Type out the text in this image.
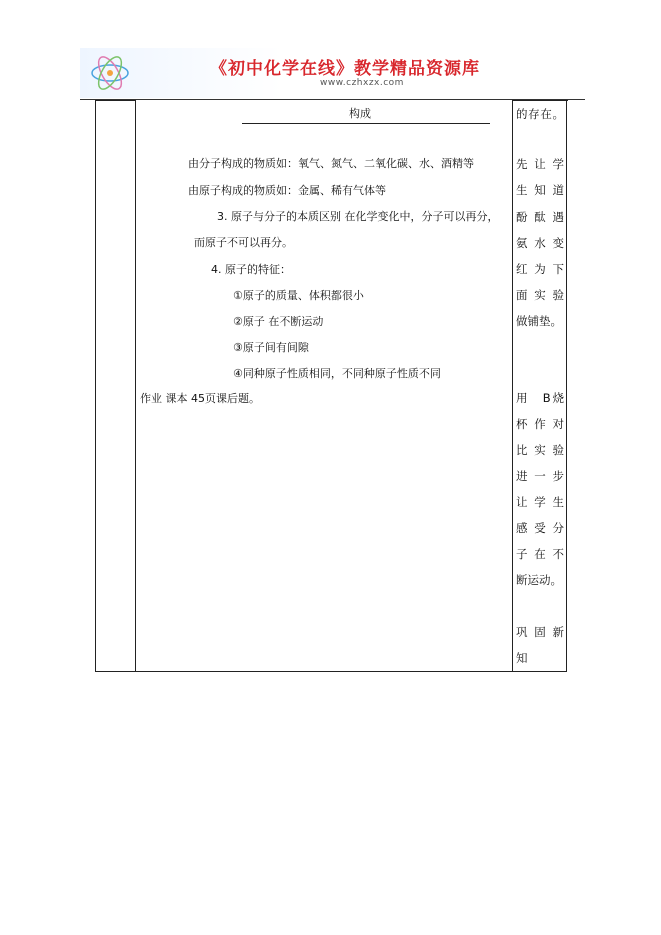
《初中化学在线》教学精品资源库
www.czhxzx.com
构成
由分子构成的物质如：氧气、氮气、二氧化碳、水、酒精等
由原子构成的物质如：金属、稀有气体等
3. 原子与分子的本质区别 在化学变化中，分子可以再分，
而原子不可以再分。
4. 原子的特征：
①原子的质量、体积都很小
②原子 在不断运动
③原子间有间隙
④同种原子性质相同，不同种原子性质不同
作业 课本 45页课后题。
的存在。
先 让 学
生 知 道
酚 酞 遇
氨 水 变
红 为 下
面 实 验
做铺垫。
用　B烧
杯 作 对
比 实 验
进 一 步
让 学 生
感 受 分
子 在 不
断运动。
巩 固 新
知
